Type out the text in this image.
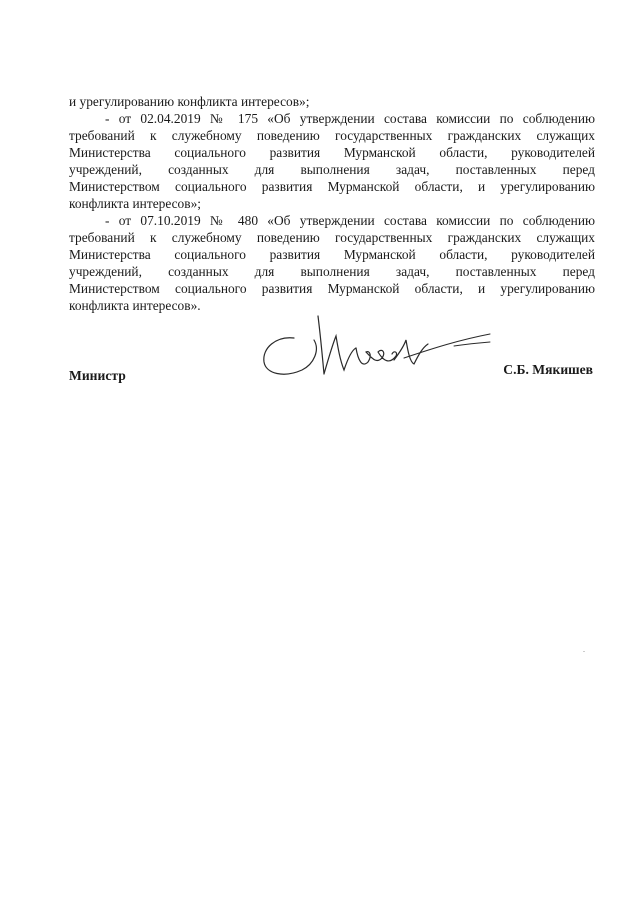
и урегулированию конфликта интересов»;

- от 02.04.2019 № 175 «Об утверждении состава комиссии по соблюдению

требований к служебному поведению государственных гражданских служащих

Министерства социального развития Мурманской области, руководителей

учреждений, созданных для выполнения задач, поставленных перед

Министерством социального развития Мурманской области, и урегулированию

конфликта интересов»;

- от 07.10.2019 № 480 «Об утверждении состава комиссии по соблюдению

требований к служебному поведению государственных гражданских служащих

Министерства социального развития Мурманской области, руководителей

учреждений, созданных для выполнения задач, поставленных перед

Министерством социального развития Мурманской области, и урегулированию

конфликта интересов».

Министр	С.Б. Мякишев
